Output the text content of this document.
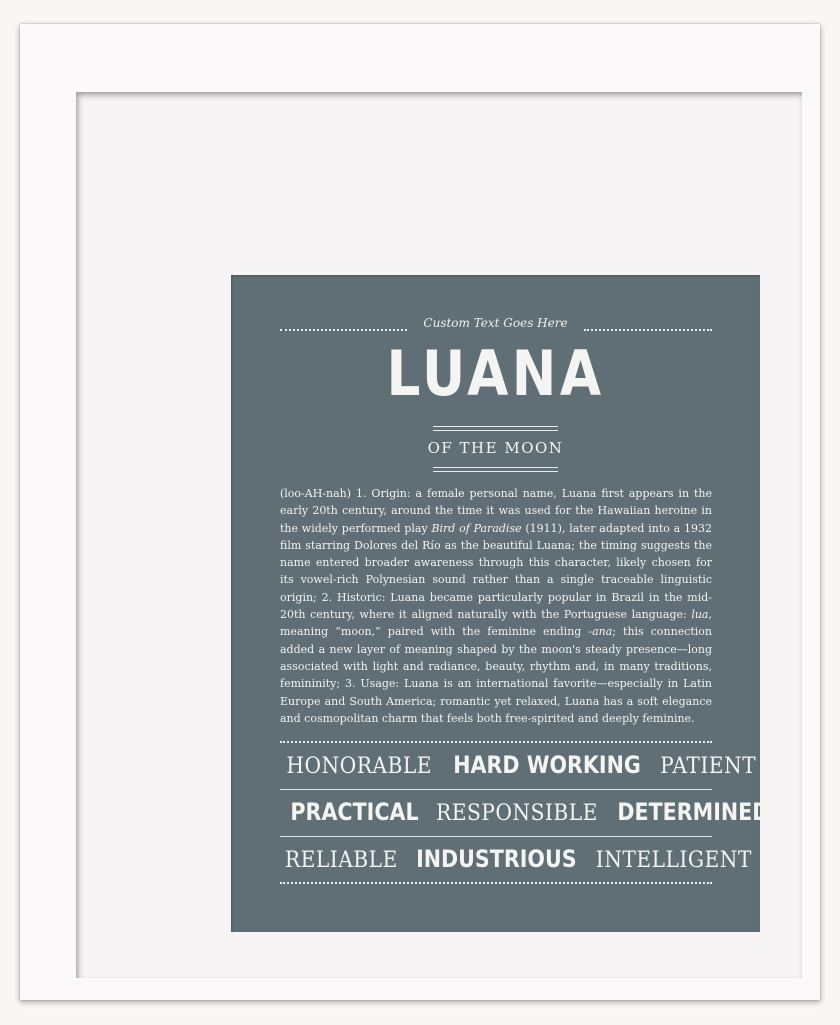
Custom Text Goes Here
LUANA
OF THE MOON
(loo-AH-nah) 1. Origin: a female personal name, Luana first appears in the early 20th century, around the time it was used for the Hawaiian heroine in the widely performed play Bird of Paradise (1911), later adapted into a 1932 film starring Dolores del Río as the beautiful Luana; the timing suggests the name entered broader awareness through this character, likely chosen for its vowel-rich Polynesian sound rather than a single traceable linguistic origin; 2. Historic: Luana became particularly popular in Brazil in the mid-20th century, where it aligned naturally with the Portuguese language: lua, meaning “moon,” paired with the feminine ending -ana; this connection added a new layer of meaning shaped by the moon's steady presence—long associated with light and radiance, beauty, rhythm and, in many traditions, femininity; 3. Usage: Luana is an international favorite—especially in Latin Europe and South America; romantic yet relaxed, Luana has a soft elegance and cosmopolitan charm that feels both free-spirited and deeply feminine.
HONORABLE HARD WORKING PATIENT
PRACTICAL RESPONSIBLE DETERMINED
RELIABLE INDUSTRIOUS INTELLIGENT
